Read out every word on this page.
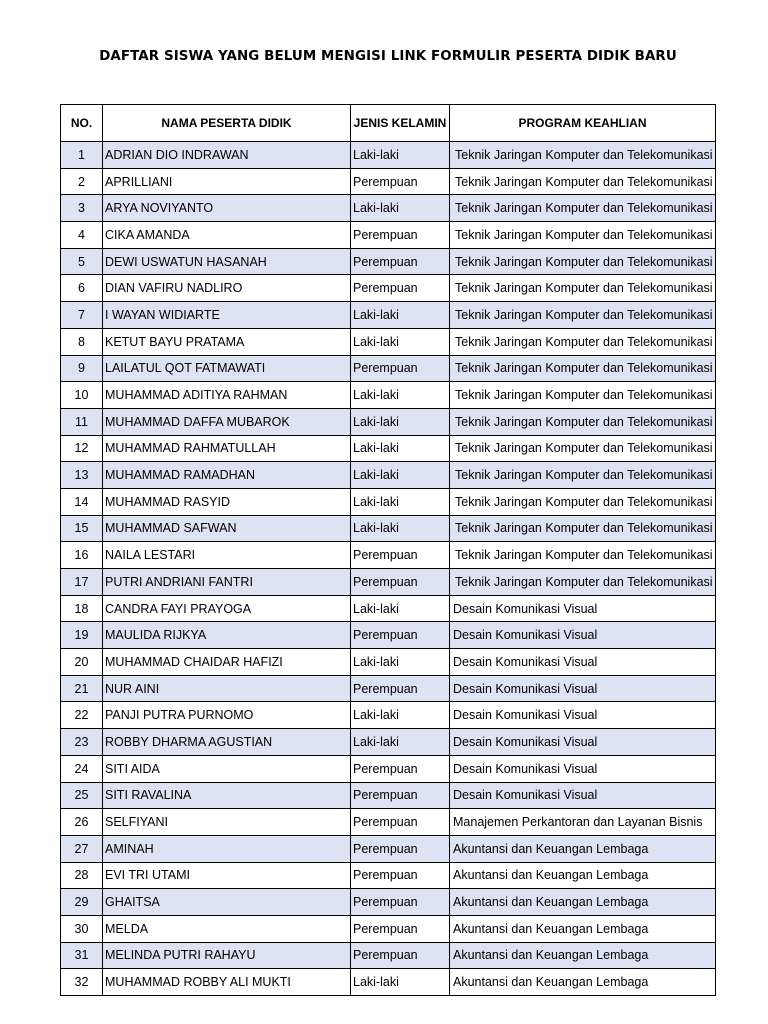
DAFTAR SISWA YANG BELUM MENGISI LINK FORMULIR PESERTA DIDIK BARU
NO.	NAMA PESERTA DIDIK	JENIS KELAMIN	PROGRAM KEAHLIAN
1	ADRIAN DIO INDRAWAN	Laki-laki	Teknik Jaringan Komputer dan Telekomunikasi
2	APRILLIANI	Perempuan	Teknik Jaringan Komputer dan Telekomunikasi
3	ARYA NOVIYANTO	Laki-laki	Teknik Jaringan Komputer dan Telekomunikasi
4	CIKA AMANDA	Perempuan	Teknik Jaringan Komputer dan Telekomunikasi
5	DEWI USWATUN HASANAH	Perempuan	Teknik Jaringan Komputer dan Telekomunikasi
6	DIAN VAFIRU NADLIRO	Perempuan	Teknik Jaringan Komputer dan Telekomunikasi
7	I WAYAN WIDIARTE	Laki-laki	Teknik Jaringan Komputer dan Telekomunikasi
8	KETUT BAYU PRATAMA	Laki-laki	Teknik Jaringan Komputer dan Telekomunikasi
9	LAILATUL QOT FATMAWATI	Perempuan	Teknik Jaringan Komputer dan Telekomunikasi
10	MUHAMMAD ADITIYA RAHMAN	Laki-laki	Teknik Jaringan Komputer dan Telekomunikasi
11	MUHAMMAD DAFFA MUBAROK	Laki-laki	Teknik Jaringan Komputer dan Telekomunikasi
12	MUHAMMAD RAHMATULLAH	Laki-laki	Teknik Jaringan Komputer dan Telekomunikasi
13	MUHAMMAD RAMADHAN	Laki-laki	Teknik Jaringan Komputer dan Telekomunikasi
14	MUHAMMAD RASYID	Laki-laki	Teknik Jaringan Komputer dan Telekomunikasi
15	MUHAMMAD SAFWAN	Laki-laki	Teknik Jaringan Komputer dan Telekomunikasi
16	NAILA LESTARI	Perempuan	Teknik Jaringan Komputer dan Telekomunikasi
17	PUTRI ANDRIANI FANTRI	Perempuan	Teknik Jaringan Komputer dan Telekomunikasi
18	CANDRA FAYI PRAYOGA	Laki-laki	Desain Komunikasi Visual
19	MAULIDA RIJKYA	Perempuan	Desain Komunikasi Visual
20	MUHAMMAD CHAIDAR HAFIZI	Laki-laki	Desain Komunikasi Visual
21	NUR AINI	Perempuan	Desain Komunikasi Visual
22	PANJI PUTRA PURNOMO	Laki-laki	Desain Komunikasi Visual
23	ROBBY DHARMA AGUSTIAN	Laki-laki	Desain Komunikasi Visual
24	SITI AIDA	Perempuan	Desain Komunikasi Visual
25	SITI RAVALINA	Perempuan	Desain Komunikasi Visual
26	SELFIYANI	Perempuan	Manajemen Perkantoran dan Layanan Bisnis
27	AMINAH	Perempuan	Akuntansi dan Keuangan Lembaga
28	EVI TRI UTAMI	Perempuan	Akuntansi dan Keuangan Lembaga
29	GHAITSA	Perempuan	Akuntansi dan Keuangan Lembaga
30	MELDA	Perempuan	Akuntansi dan Keuangan Lembaga
31	MELINDA PUTRI RAHAYU	Perempuan	Akuntansi dan Keuangan Lembaga
32	MUHAMMAD ROBBY ALI MUKTI	Laki-laki	Akuntansi dan Keuangan Lembaga
